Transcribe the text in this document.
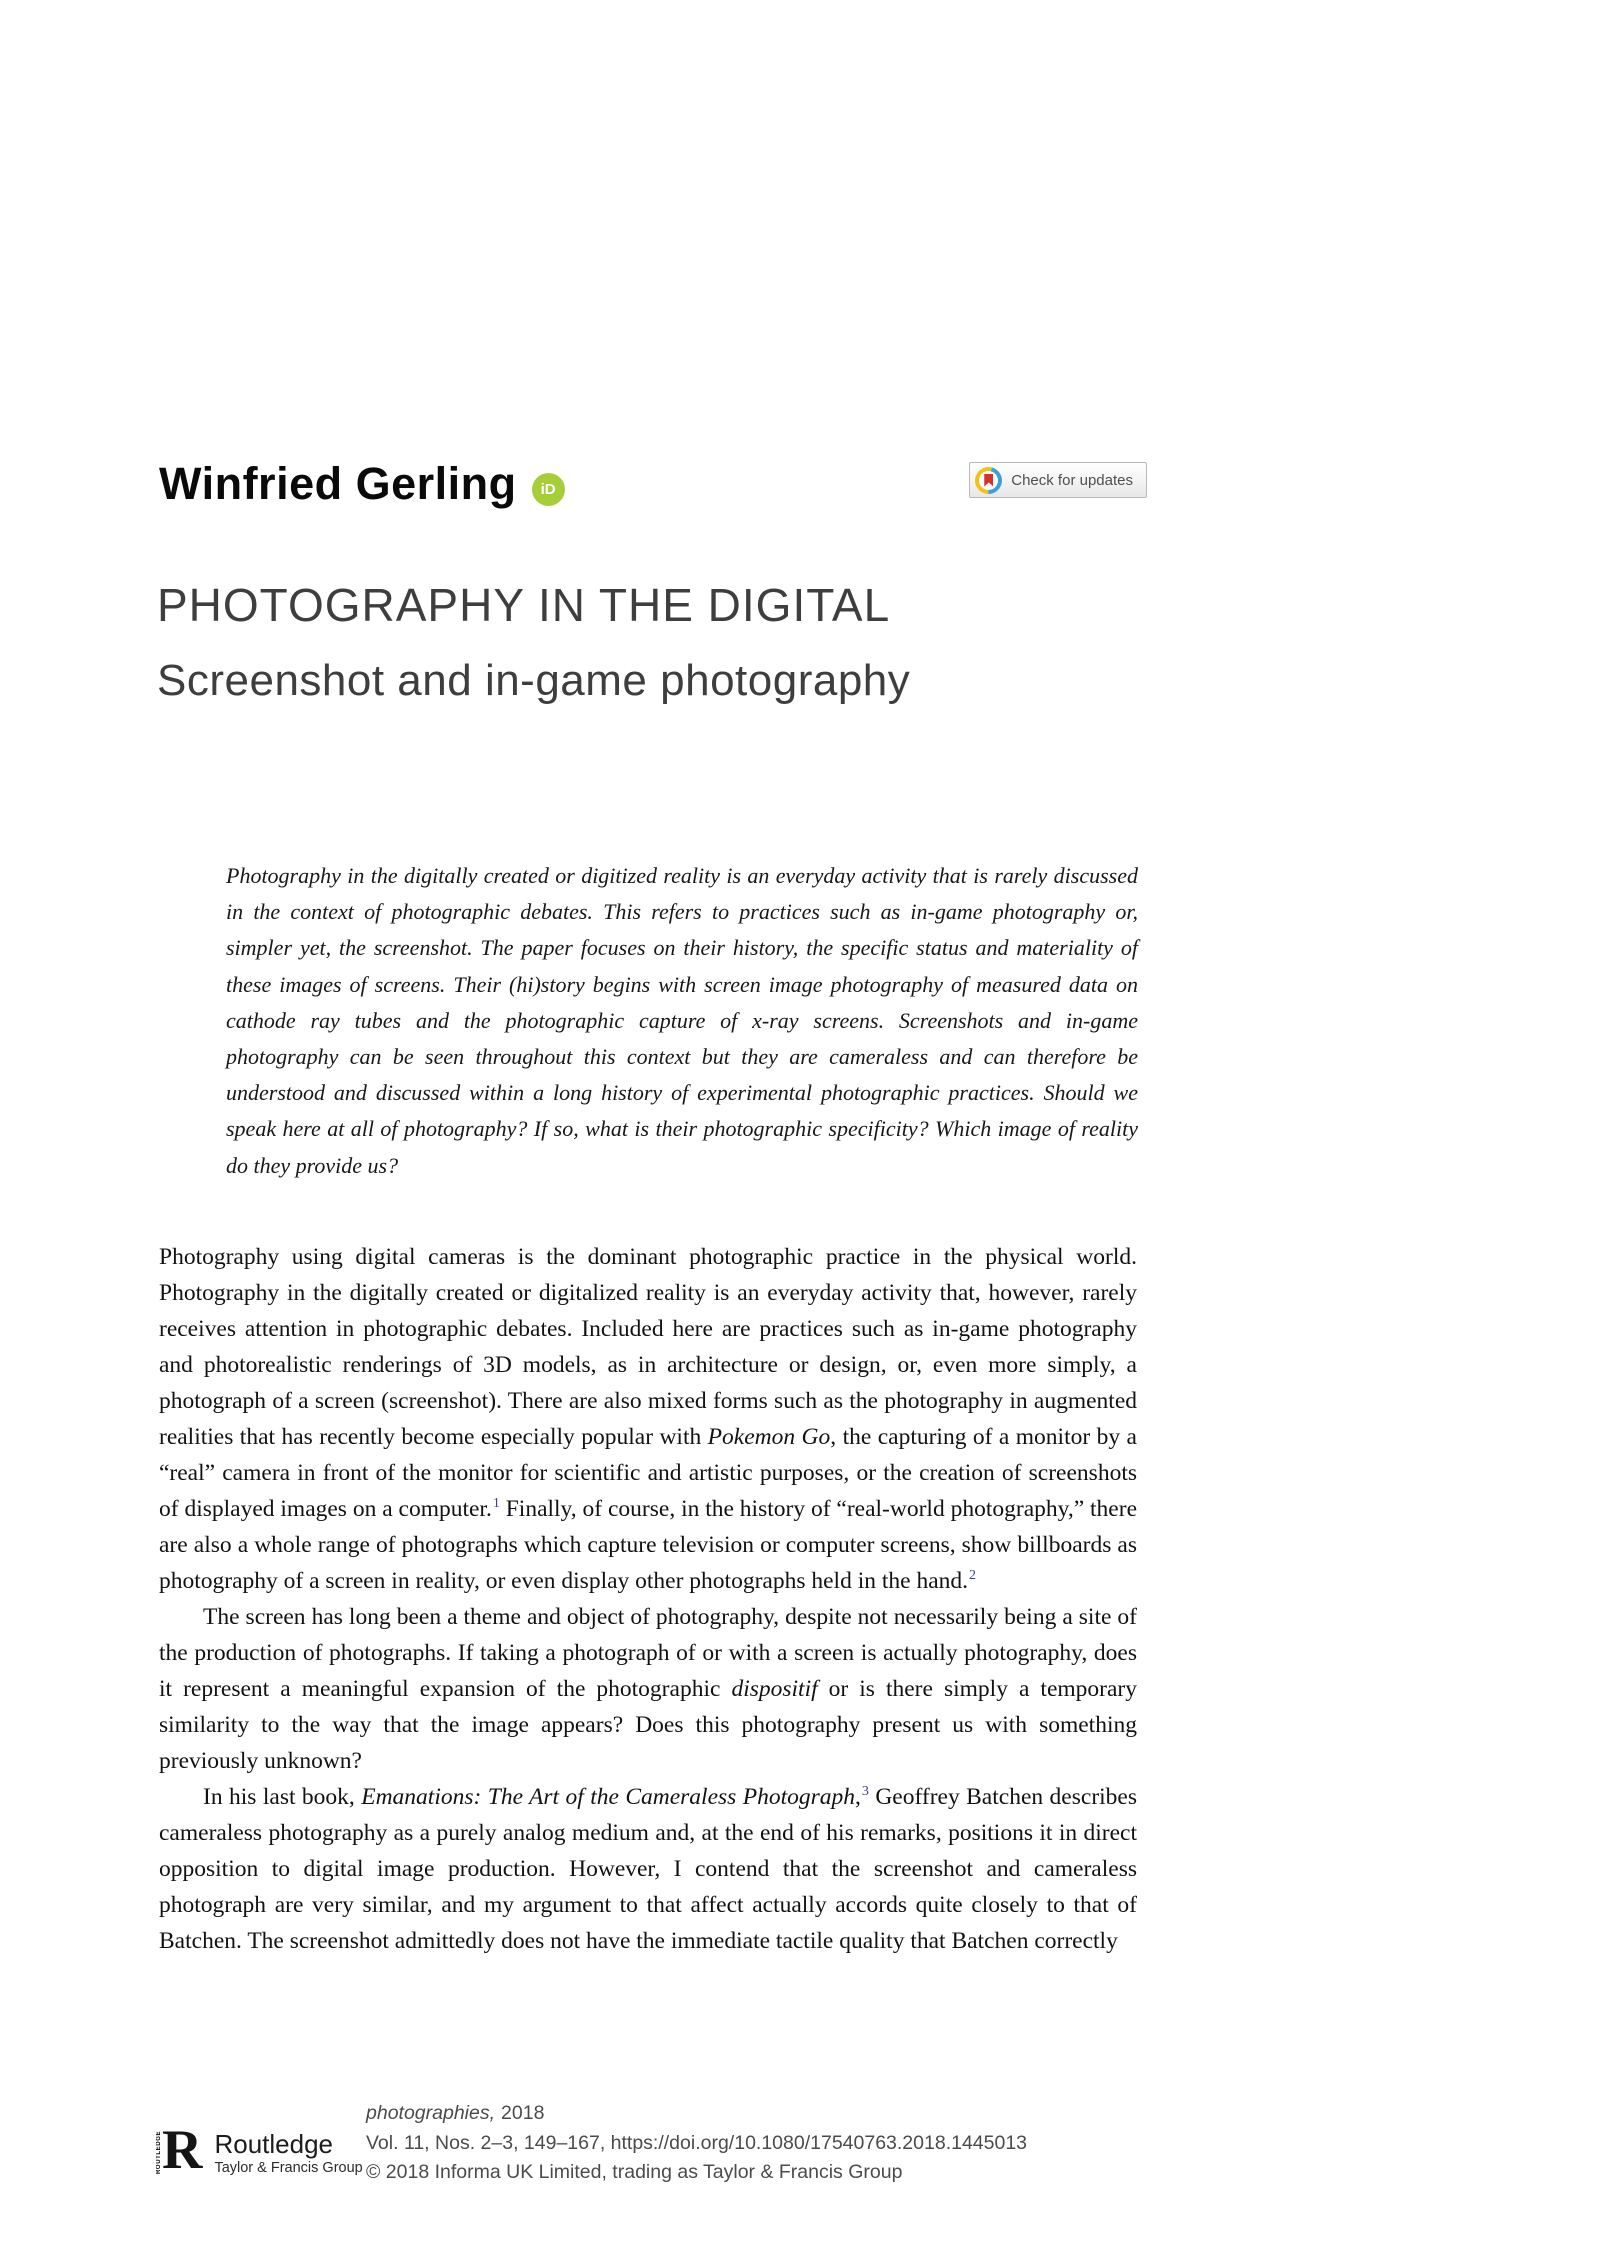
Winfried Gerling	iD
Check for updates
PHOTOGRAPHY IN THE DIGITAL
Screenshot and in-game photography
Photography in the digitally created or digitized reality is an everyday activity that is rarely discussed in the context of photographic debates. This refers to practices such as in-game photography or, simpler yet, the screenshot. The paper focuses on their history, the specific status and materiality of these images of screens. Their (hi)story begins with screen image photography of measured data on cathode ray tubes and the photographic capture of x-ray screens. Screenshots and in-game photography can be seen throughout this context but they are cameraless and can therefore be understood and discussed within a long history of experimental photographic practices. Should we speak here at all of photography? If so, what is their photographic specificity? Which image of reality do they provide us?

Photography using digital cameras is the dominant photographic practice in the physical world. Photography in the digitally created or digitalized reality is an everyday activity that, however, rarely receives attention in photographic debates. Included here are practices such as in-game photography and photorealistic renderings of 3D models, as in architecture or design, or, even more simply, a photograph of a screen (screenshot). There are also mixed forms such as the photography in augmented realities that has recently become especially popular with Pokemon Go, the capturing of a monitor by a “real” camera in front of the monitor for scientific and artistic purposes, or the creation of screenshots of displayed images on a computer.$^1$ Finally, of course, in the history of “real-world photography,” there are also a whole range of photographs which capture television or computer screens, show billboards as photography of a screen in reality, or even display other photographs held in the hand.$^2$

The screen has long been a theme and object of photography, despite not necessarily being a site of the production of photographs. If taking a photograph of or with a screen is actually photography, does it represent a meaningful expansion of the photographic dispositif or is there simply a temporary similarity to the way that the image appears? Does this photography present us with something previously unknown?

In his last book, Emanations: The Art of the Cameraless Photograph,$^3$ Geoffrey Batchen describes cameraless photography as a purely analog medium and, at the end of his remarks, positions it in direct opposition to digital image production. However, I contend that the screenshot and cameraless photograph are very similar, and my argument to that affect actually accords quite closely to that of Batchen. The screenshot admittedly does not have the immediate tactile quality that Batchen correctly

ROUTLEDGE R Routledge
Taylor & Francis Group
photographies, 2018
Vol. 11, Nos. 2–3, 149–167, https://doi.org/10.1080/17540763.2018.1445013
© 2018 Informa UK Limited, trading as Taylor & Francis Group
